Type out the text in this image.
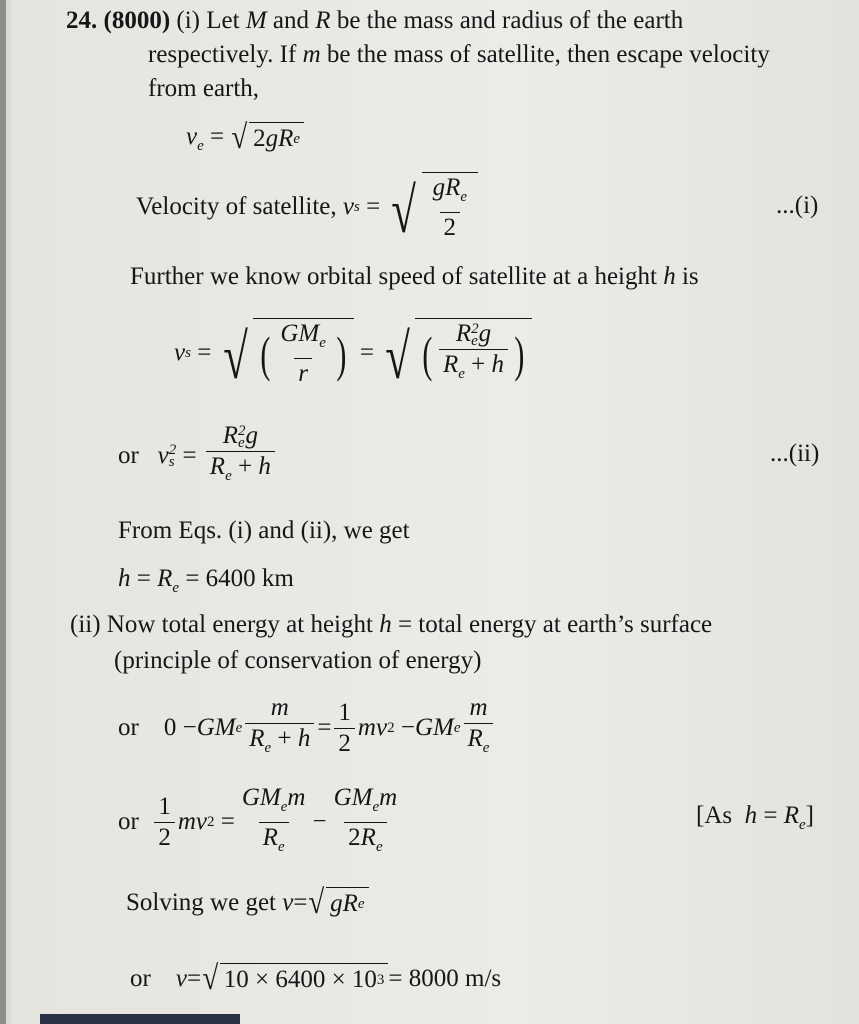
24. (8000) (i) Let M and R be the mass and radius of the earth
respectively. If m be the mass of satellite, then escape velocity
from earth,
$v_e$ = √ 2 gR e
Velocity of satellite, v s = √ $\frac{gR_e}{2}$	...(i)
Further we know orbital speed of satellite at a height h is
v s = √ ( $\frac{GM_e}{r}$ ) = √ ( R2
eg
$R_e + h$ )
or
v 2
s =
R2
eg
$R_e + h$	...(ii)
From Eqs. (i) and (ii), we get
$h = R_e = 6400$ km
(ii) Now total energy at height h = total energy at earth’s surface
(principle of conservation of energy)
or 0 − GM e $\frac{m}{R_e + h} = \frac{1}{2}$ mv 2 − GM e $\frac{m}{R_e}$
or
$\frac{1}{2}$ mv $2 = \frac{GM_em}{R_e} - \frac{GM_em}{2R_e}$	[As  $h = R_e$]
Solving we get
v = √ gR e
or
v = √ 10 × 6400 × 10 3 = 8000 m/s
